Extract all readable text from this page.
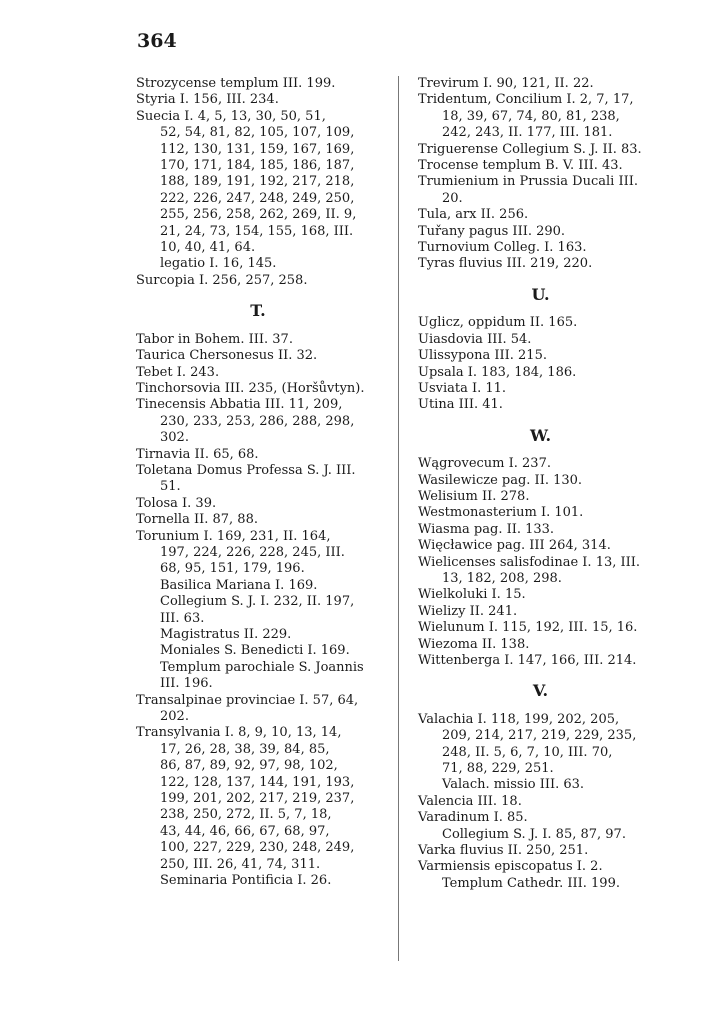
364
Strozycense templum III. 199.
Styria I. 156, III. 234.
Suecia I. 4, 5, 13, 30, 50, 51,
52, 54, 81, 82, 105, 107, 109,
112, 130, 131, 159, 167, 169,
170, 171, 184, 185, 186, 187,
188, 189, 191, 192, 217, 218,
222, 226, 247, 248, 249, 250,
255, 256, 258, 262, 269, II. 9,
21, 24, 73, 154, 155, 168, III.
10, 40, 41, 64.
legatio I. 16, 145.
Surcopia I. 256, 257, 258.
T.
Tabor in Bohem. III. 37.
Taurica Chersonesus II. 32.
Tebet I. 243.
Tinchorsovia III. 235, (Horšůvtyn).
Tinecensis Abbatia III. 11, 209,
230, 233, 253, 286, 288, 298,
302.
Tirnavia II. 65, 68.
Toletana Domus Professa S. J. III.
51.
Tolosa I. 39.
Tornella II. 87, 88.
Torunium I. 169, 231, II. 164,
197, 224, 226, 228, 245, III.
68, 95, 151, 179, 196.
Basilica Mariana I. 169.
Collegium S. J. I. 232, II. 197,
III. 63.
Magistratus II. 229.
Moniales S. Benedicti I. 169.
Templum parochiale S. Joannis
III. 196.
Transalpinae provinciae I. 57, 64,
202.
Transylvania I. 8, 9, 10, 13, 14,
17, 26, 28, 38, 39, 84, 85,
86, 87, 89, 92, 97, 98, 102,
122, 128, 137, 144, 191, 193,
199, 201, 202, 217, 219, 237,
238, 250, 272, II. 5, 7, 18,
43, 44, 46, 66, 67, 68, 97,
100, 227, 229, 230, 248, 249,
250, III. 26, 41, 74, 311.
Seminaria Pontificia I. 26.
Trevirum I. 90, 121, II. 22.
Tridentum, Concilium I. 2, 7, 17,
18, 39, 67, 74, 80, 81, 238,
242, 243, II. 177, III. 181.
Triguerense Collegium S. J. II. 83.
Trocense templum B. V. III. 43.
Trumienium in Prussia Ducali III.
20.
Tula, arx II. 256.
Tuřany pagus III. 290.
Turnovium Colleg. I. 163.
Tyras fluvius III. 219, 220.
U.
Uglicz, oppidum II. 165.
Uiasdovia III. 54.
Ulissypona III. 215.
Upsala I. 183, 184, 186.
Usviata I. 11.
Utina III. 41.
W.
Wągrovecum I. 237.
Wasilewicze pag. II. 130.
Welisium II. 278.
Westmonasterium I. 101.
Wiasma pag. II. 133.
Więcławice pag. III 264, 314.
Wielicenses salisfodinae I. 13, III.
13, 182, 208, 298.
Wielkoluki I. 15.
Wielizy II. 241.
Wielunum I. 115, 192, III. 15, 16.
Wiezoma II. 138.
Wittenberga I. 147, 166, III. 214.
V.
Valachia I. 118, 199, 202, 205,
209, 214, 217, 219, 229, 235,
248, II. 5, 6, 7, 10, III. 70,
71, 88, 229, 251.
Valach. missio III. 63.
Valencia III. 18.
Varadinum I. 85.
Collegium S. J. I. 85, 87, 97.
Varka fluvius II. 250, 251.
Varmiensis episcopatus I. 2.
Templum Cathedr. III. 199.
